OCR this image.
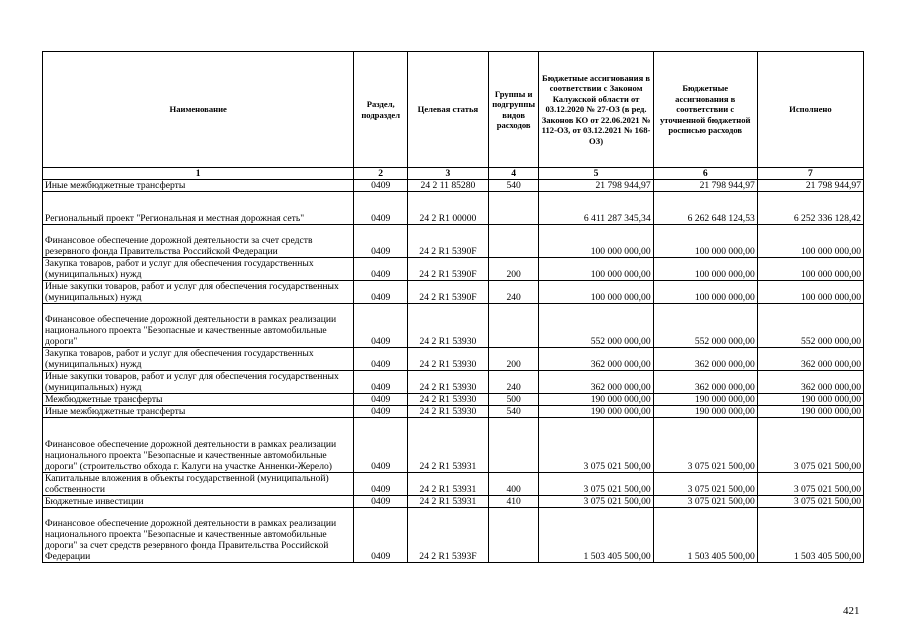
Наименование	Раздел, подраздел	Целевая статья	Группы и подгруппы видов расходов	Бюджетные ассигнования в соответствии с Законом Калужской области от 03.12.2020 № 27-ОЗ (в ред. Законов КО от 22.06.2021 № 112-ОЗ, от 03.12.2021 № 168-ОЗ)	Бюджетные ассигнования в соответствии с уточненной бюджетной росписью расходов	Исполнено
1	2	3	4	5	6	7
Иные межбюджетные трансферты	0409	24 2 11 85280	540	21 798 944,97	21 798 944,97	21 798 944,97
Региональный проект "Региональная и местная дорожная сеть"	0409	24 2 R1 00000		6 411 287 345,34	6 262 648 124,53	6 252 336 128,42
Финансовое обеспечение дорожной деятельности за счет средств резервного фонда Правительства Российской Федерации	0409	24 2 R1 5390F		100 000 000,00	100 000 000,00	100 000 000,00
Закупка товаров, работ и услуг для обеспечения государственных (муниципальных) нужд	0409	24 2 R1 5390F	200	100 000 000,00	100 000 000,00	100 000 000,00
Иные закупки товаров, работ и услуг для обеспечения государственных (муниципальных) нужд	0409	24 2 R1 5390F	240	100 000 000,00	100 000 000,00	100 000 000,00
Финансовое обеспечение дорожной деятельности в рамках реализации национального проекта "Безопасные и качественные автомобильные дороги"	0409	24 2 R1 53930		552 000 000,00	552 000 000,00	552 000 000,00
Закупка товаров, работ и услуг для обеспечения государственных (муниципальных) нужд	0409	24 2 R1 53930	200	362 000 000,00	362 000 000,00	362 000 000,00
Иные закупки товаров, работ и услуг для обеспечения государственных (муниципальных) нужд	0409	24 2 R1 53930	240	362 000 000,00	362 000 000,00	362 000 000,00
Межбюджетные трансферты	0409	24 2 R1 53930	500	190 000 000,00	190 000 000,00	190 000 000,00
Иные межбюджетные трансферты	0409	24 2 R1 53930	540	190 000 000,00	190 000 000,00	190 000 000,00
Финансовое обеспечение дорожной деятельности в рамках реализации национального проекта "Безопасные и качественные автомобильные дороги" (строительство обхода г. Калуги на участке Анненки-Жерело)	0409	24 2 R1 53931		3 075 021 500,00	3 075 021 500,00	3 075 021 500,00
Капитальные вложения в объекты государственной (муниципальной) собственности	0409	24 2 R1 53931	400	3 075 021 500,00	3 075 021 500,00	3 075 021 500,00
Бюджетные инвестиции	0409	24 2 R1 53931	410	3 075 021 500,00	3 075 021 500,00	3 075 021 500,00
Финансовое обеспечение дорожной деятельности в рамках реализации национального проекта "Безопасные и качественные автомобильные дороги" за счет средств резервного фонда Правительства Российской Федерации	0409	24 2 R1 5393F		1 503 405 500,00	1 503 405 500,00	1 503 405 500,00
421
